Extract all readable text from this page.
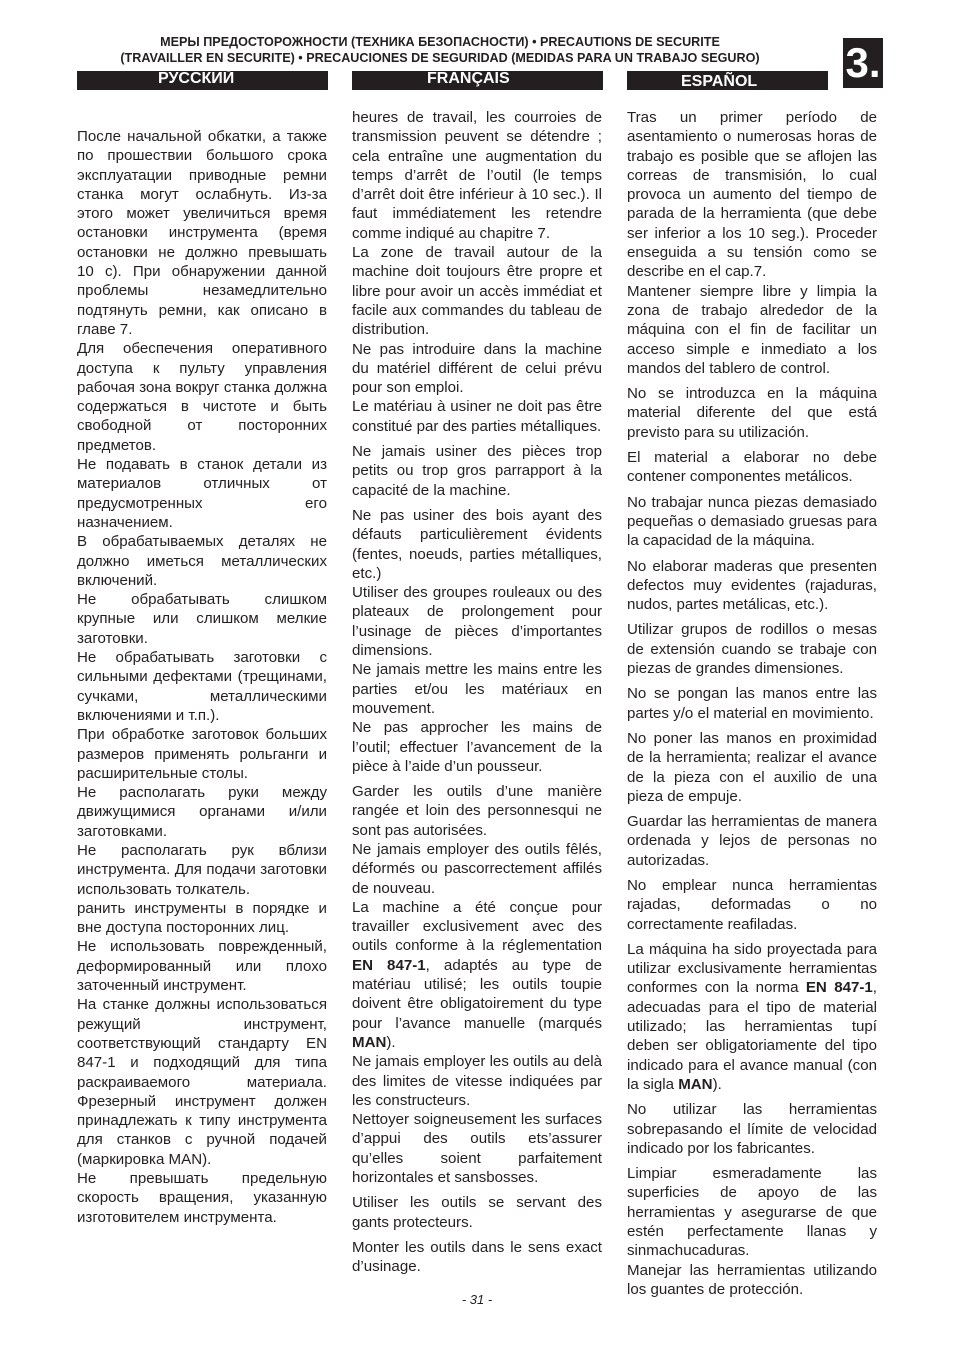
МЕРЫ ПРЕДОСТОРОЖНОСТИ (ТЕХНИКА БЕЗОПАСНОСТИ) • PRECAUTIONS DE SECURITE
(TRAVAILLER EN SECURITE) • PRECAUCIONES DE SEGURIDAD (MEDIDAS PARA UN TRABAJO SEGURO)	3.
РУССКИЙ	FRANÇAIS	ESPAÑOL

После начальной обкатки, а также по прошествии большого срока эксплуатации приводные ремни станка могут ослабнуть. Из-за этого может увеличиться время остановки инструмента (время остановки не должно превышать 10 с). При обнаружении данной проблемы незамедлительно подтянуть ремни, как описано в главе 7.

Для обеспечения оперативного доступа к пульту управления рабочая зона вокруг станка должна содержаться в чистоте и быть свободной от посторонних предметов.

Не подавать в станок детали из материалов отличных от предусмотренных его назначением.

В обрабатываемых деталях не должно иметься металлических включений.

Не обрабатывать слишком крупные или слишком мелкие заготовки.

Не обрабатывать заготовки с сильными дефектами (трещинами, сучками, металлическими включениями и т.п.).

При обработке заготовок больших размеров применять рольганги и расширительные столы.

Не располагать руки между движущимися органами и/или заготовками.

Не располагать рук вблизи инструмента. Для подачи заготовки использовать толкатель.

ранить инструменты в порядке и вне доступа посторонних лиц.

Не использовать поврежденный, деформированный или плохо заточенный инструмент.

На станке должны использоваться режущий инструмент, соответствующий стандарту EN 847-1 и подходящий для типа раскраиваемого материала. Фрезерный инструмент должен принадлежать к типу инструмента для станков с ручной подачей (маркировка MAN).

Не превышать предельную скорость вращения, указанную изготовителем инструмента.

heures de travail, les courroies de transmission peuvent se détendre ; cela entraîne une augmentation du temps d’arrêt de l’outil (le temps d’arrêt doit être inférieur à 10 sec.). Il faut immédiatement les retendre comme indiqué au chapitre 7.

La zone de travail autour de la machine doit toujours être propre et libre pour avoir un accès immédiat et facile aux commandes du tableau de distribution.

Ne pas introduire dans la machine du matériel différent de celui prévu pour son emploi.

Le matériau à usiner ne doit pas être constitué par des parties métalliques.

Ne jamais usiner des pièces trop petits ou trop gros parrapport à la capacité de la machine.

Ne pas usiner des bois ayant des défauts particulièrement évidents (fentes, noeuds, parties métalliques, etc.)

Utiliser des groupes rouleaux ou des plateaux de prolongement pour l’usinage de pièces d’importantes dimensions.

Ne jamais mettre les mains entre les parties et/ou les matériaux en mouvement.

Ne pas approcher les mains de l’outil; effectuer l’avancement de la pièce à l’aide d’un pousseur.

Garder les outils d’une manière rangée et loin des personnesqui ne sont pas autorisées.

Ne jamais employer des outils fêlés, déformés ou pascorrectement affilés de nouveau.

La machine a été conçue pour travailler exclusivement avec des outils conforme à la réglementation EN 847-1, adaptés au type de matériau utilisé; les outils toupie doivent être obligatoirement du type pour l’avance manuelle (marqués MAN).

Ne jamais employer les outils au delà des limites de vitesse indiquées par les constructeurs.

Nettoyer soigneusement les surfaces d’appui des outils ets’assurer qu’elles soient parfaitement horizontales et sansbosses.

Utiliser les outils se servant des gants protecteurs.

Monter les outils dans le sens exact d’usinage.

Tras un primer período de asentamiento o numerosas horas de trabajo es posible que se aflojen las correas de transmisión, lo cual provoca un aumento del tiempo de parada de la herramienta (que debe ser inferior a los 10 seg.). Proceder enseguida a su tensión como se describe en el cap.7.

Mantener siempre libre y limpia la zona de trabajo alrededor de la máquina con el fin de facilitar un acceso simple e inmediato a los mandos del tablero de control.

No se introduzca en la máquina material diferente del que está previsto para su utilización.

El material a elaborar no debe contener componentes metálicos.

No trabajar nunca piezas demasiado pequeñas o demasiado gruesas para la capacidad de la máquina.

No elaborar maderas que presenten defectos muy evidentes (rajaduras, nudos, partes metálicas, etc.).

Utilizar grupos de rodillos o mesas de extensión cuando se trabaje con piezas de grandes dimensiones.

No se pongan las manos entre las partes y/o el material en movimiento.

No poner las manos en proximidad de la herramienta; realizar el avance de la pieza con el auxilio de una pieza de empuje.

Guardar las herramientas de manera ordenada y lejos de personas no autorizadas.

No emplear nunca herramientas rajadas, deformadas o no correctamente reafiladas.

La máquina ha sido proyectada para utilizar exclusivamente herramientas conformes con la norma EN 847-1, adecuadas para el tipo de material utilizado; las herramientas tupí deben ser obligatoriamente del tipo indicado para el avance manual (con la sigla MAN).

No utilizar las herramientas sobrepasando el límite de velocidad indicado por los fabricantes.

Limpiar esmeradamente las superficies de apoyo de las herramientas y asegurarse de que estén perfectamente llanas y sinmachucaduras.

Manejar las herramientas utilizando los guantes de protección.

- 31 -
